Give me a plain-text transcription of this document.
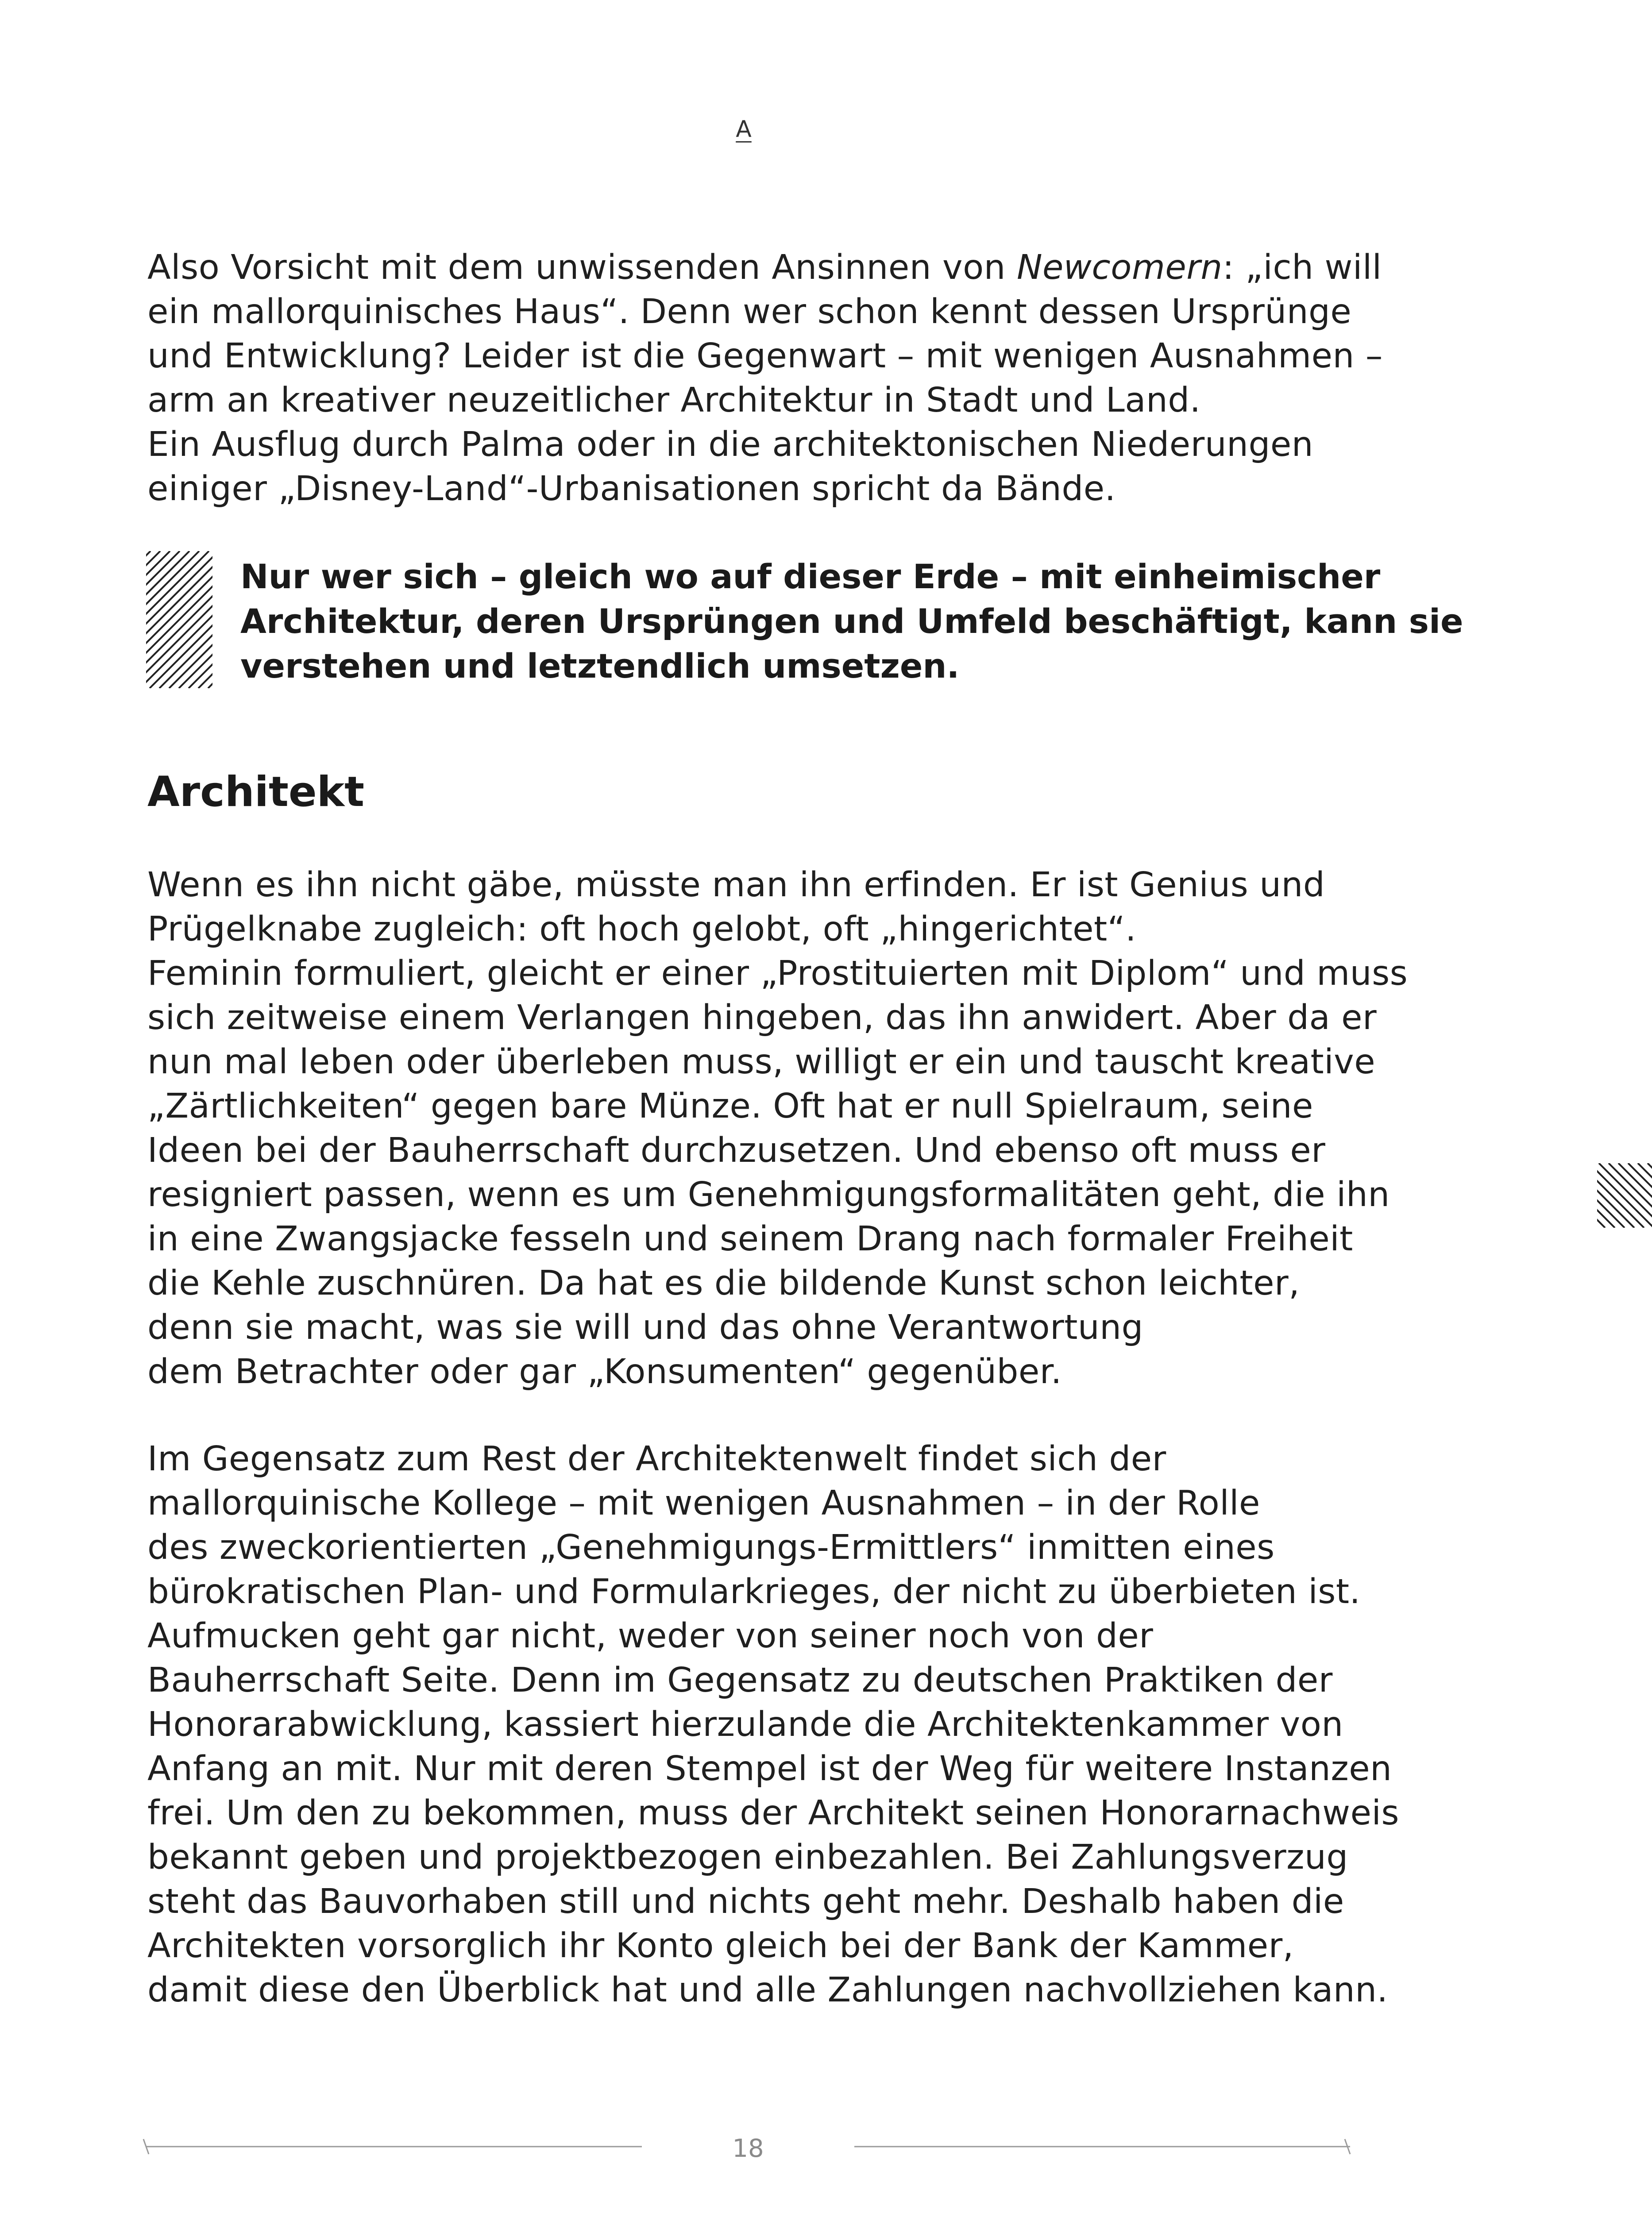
A

Also Vorsicht mit dem unwissenden Ansinnen von Newcomern: „ich will
ein mallorquinisches Haus“. Denn wer schon kennt dessen Ursprünge
und Entwicklung? Leider ist die Gegenwart – mit wenigen Ausnahmen –
arm an kreativer neuzeitlicher Architektur in Stadt und Land.
Ein Ausflug durch Palma oder in die architektonischen Niederungen
einiger „Disney-Land“-Urbanisationen spricht da Bände.

Nur wer sich – gleich wo auf dieser Erde – mit einheimischer
Architektur, deren Ursprüngen und Umfeld beschäftigt, kann sie
verstehen und letztendlich umsetzen.

Architekt

Wenn es ihn nicht gäbe, müsste man ihn erfinden. Er ist Genius und
Prügelknabe zugleich: oft hoch gelobt, oft „hingerichtet“.
Feminin formuliert, gleicht er einer „Prostituierten mit Diplom“ und muss
sich zeitweise einem Verlangen hingeben, das ihn anwidert. Aber da er
nun mal leben oder überleben muss, willigt er ein und tauscht kreative
„Zärtlichkeiten“ gegen bare Münze. Oft hat er null Spielraum, seine
Ideen bei der Bauherrschaft durchzusetzen. Und ebenso oft muss er
resigniert passen, wenn es um Genehmigungsformalitäten geht, die ihn
in eine Zwangsjacke fesseln und seinem Drang nach formaler Freiheit
die Kehle zuschnüren. Da hat es die bildende Kunst schon leichter,
denn sie macht, was sie will und das ohne Verantwortung
dem Betrachter oder gar „Konsumenten“ gegenüber.

Im Gegensatz zum Rest der Architektenwelt findet sich der
mallorquinische Kollege – mit wenigen Ausnahmen – in der Rolle
des zweckorientierten „Genehmigungs-Ermittlers“ inmitten eines
bürokratischen Plan- und Formularkrieges, der nicht zu überbieten ist.
Aufmucken geht gar nicht, weder von seiner noch von der
Bauherrschaft Seite. Denn im Gegensatz zu deutschen Praktiken der
Honorarabwicklung, kassiert hierzulande die Architektenkammer von
Anfang an mit. Nur mit deren Stempel ist der Weg für weitere Instanzen
frei. Um den zu bekommen, muss der Architekt seinen Honorarnachweis
bekannt geben und projektbezogen einbezahlen. Bei Zahlungsverzug
steht das Bauvorhaben still und nichts geht mehr. Deshalb haben die
Architekten vorsorglich ihr Konto gleich bei der Bank der Kammer,
damit diese den Überblick hat und alle Zahlungen nachvollziehen kann.

18
